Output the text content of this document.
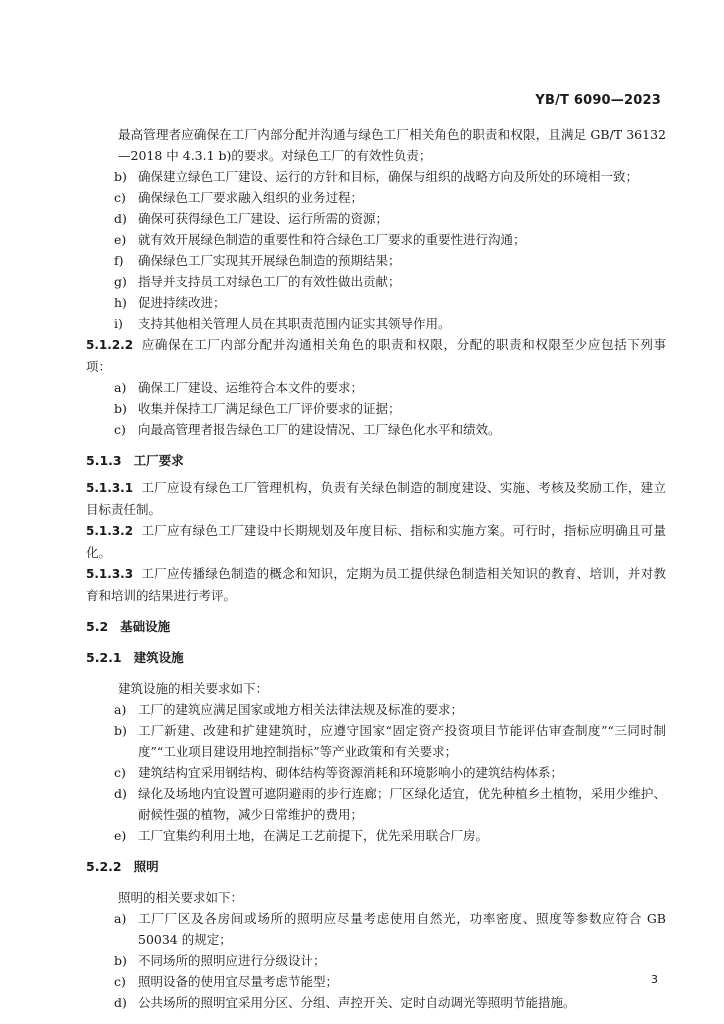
YB/T 6090—2023

最高管理者应确保在工厂内部分配并沟通与绿色工厂相关角色的职责和权限，且满足 GB/T 36132—2018 中 4.3.1 b)的要求。对绿色工厂的有效性负责；

b) 确保建立绿色工厂建设、运行的方针和目标，确保与组织的战略方向及所处的环境相一致；
c) 确保绿色工厂要求融入组织的业务过程；
d) 确保可获得绿色工厂建设、运行所需的资源；
e) 就有效开展绿色制造的重要性和符合绿色工厂要求的重要性进行沟通；
f)	确保绿色工厂实现其开展绿色制造的预期结果；
g) 指导并支持员工对绿色工厂的有效性做出贡献；
h) 促进持续改进；
i)	支持其他相关管理人员在其职责范围内证实其领导作用。

5.1.2.2 应确保在工厂内部分配并沟通相关角色的职责和权限，分配的职责和权限至少应包括下列事项：

a) 确保工厂建设、运维符合本文件的要求；
b) 收集并保持工厂满足绿色工厂评价要求的证据；
c) 向最高管理者报告绿色工厂的建设情况、工厂绿色化水平和绩效。

5.1.3 工厂要求

5.1.3.1 工厂应设有绿色工厂管理机构，负责有关绿色制造的制度建设、实施、考核及奖励工作，建立目标责任制。

5.1.3.2 工厂应有绿色工厂建设中长期规划及年度目标、指标和实施方案。可行时，指标应明确且可量化。

5.1.3.3 工厂应传播绿色制造的概念和知识，定期为员工提供绿色制造相关知识的教育、培训，并对教育和培训的结果进行考评。

5.2 基础设施

5.2.1 建筑设施

建筑设施的相关要求如下：

a) 工厂的建筑应满足国家或地方相关法律法规及标准的要求；
b) 工厂新建、改建和扩建建筑时，应遵守国家“固定资产投资项目节能评估审查制度”“三同时制度”“工业项目建设用地控制指标”等产业政策和有关要求；
c) 建筑结构宜采用钢结构、砌体结构等资源消耗和环境影响小的建筑结构体系；
d) 绿化及场地内宜设置可遮阴避雨的步行连廊；厂区绿化适宜，优先种植乡土植物，采用少维护、耐候性强的植物，减少日常维护的费用；
e) 工厂宜集约利用土地，在满足工艺前提下，优先采用联合厂房。

5.2.2 照明

照明的相关要求如下：

a) 工厂厂区及各房间或场所的照明应尽量考虑使用自然光，功率密度、照度等参数应符合 GB 50034 的规定；
b) 不同场所的照明应进行分级设计；
c) 照明设备的使用宜尽量考虑节能型；
d) 公共场所的照明宜采用分区、分组、声控开关、定时自动调光等照明节能措施。
3
